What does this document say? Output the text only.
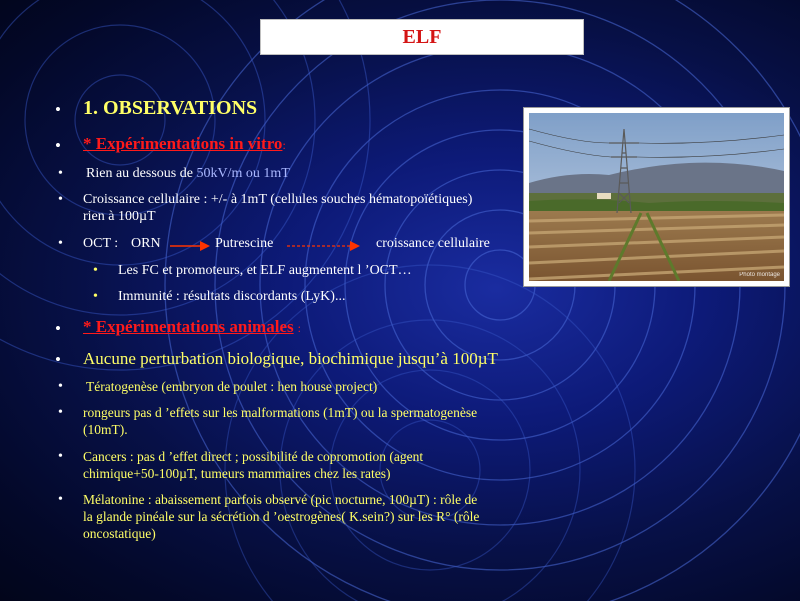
ELF
Photo montage
• 1. OBSERVATIONS
• * Expérimentations in vitro:
• Rien au dessous de 50kV/m ou 1mT
• Croissance cellulaire : +/- à 1mT (cellules souches hématopoïétiques)
rien à 100µT
• OCT : ORN	Putrescine	croissance cellulaire
• Les FC et promoteurs, et ELF augmentent l ’OCT…
• Immunité : résultats discordants (LyK)...
• * Expérimentations animales :
• Aucune perturbation biologique, biochimique jusqu’à 100µT
• Tératogenèse (embryon de poulet : hen house project)
• rongeurs pas d ’effets sur les malformations (1mT) ou la spermatogenèse
(10mT).
• Cancers : pas d ’effet direct ; possibilité de copromotion (agent
chimique+50-100µT, tumeurs mammaires chez les rates)
• Mélatonine : abaissement parfois observé (pic nocturne, 100µT) : rôle de
la glande pinéale sur la sécrétion d ’oestrogènes( K.sein?) sur les R° (rôle
oncostatique)
